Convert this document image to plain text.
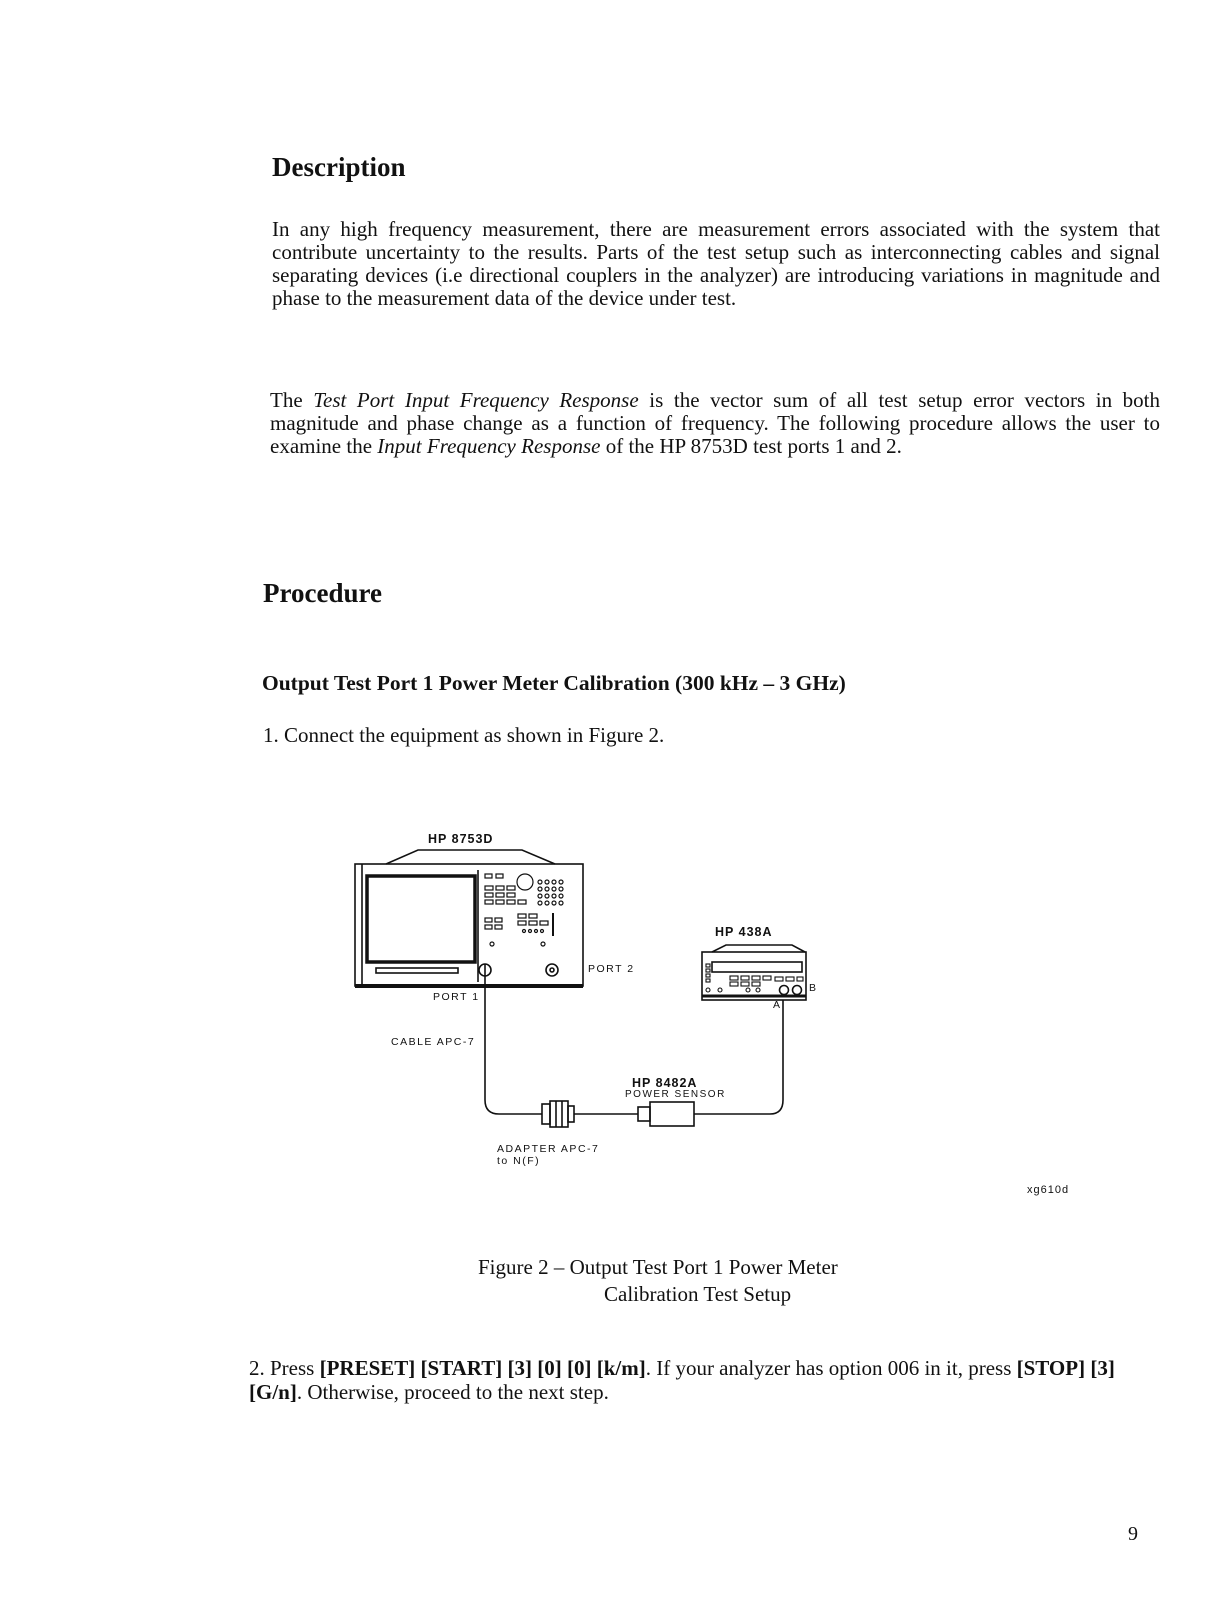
Description

In any high frequency measurement, there are measurement errors associated with the system that contribute uncertainty to the results. Parts of the test setup such as interconnecting cables and signal separating devices (i.e directional couplers in the analyzer) are introducing variations in magnitude and phase to the measurement data of the device under test.

The Test Port Input Frequency Response is the vector sum of all test setup error vectors in both magnitude and phase change as a function of frequency. The following procedure allows the user to examine the Input Frequency Response of the HP 8753D test ports 1 and 2.

Procedure
Output Test Port 1 Power Meter Calibration (300 kHz – 3 GHz)

1. Connect the equipment as shown in Figure 2.

HP 8753D
HP 438A
PORT 2
B
A
PORT 1
CABLE APC-7
HP 8482A
POWER SENSOR
ADAPTER APC-7
to N(F)
xg610d

Figure 2 – Output Test Port 1 Power Meter

Calibration Test Setup

2. Press [PRESET] [START] [3] [0] [0] [k/m]. If your analyzer has option 006 in it, press [STOP] [3] [G/n]. Otherwise, proceed to the next step.

9
